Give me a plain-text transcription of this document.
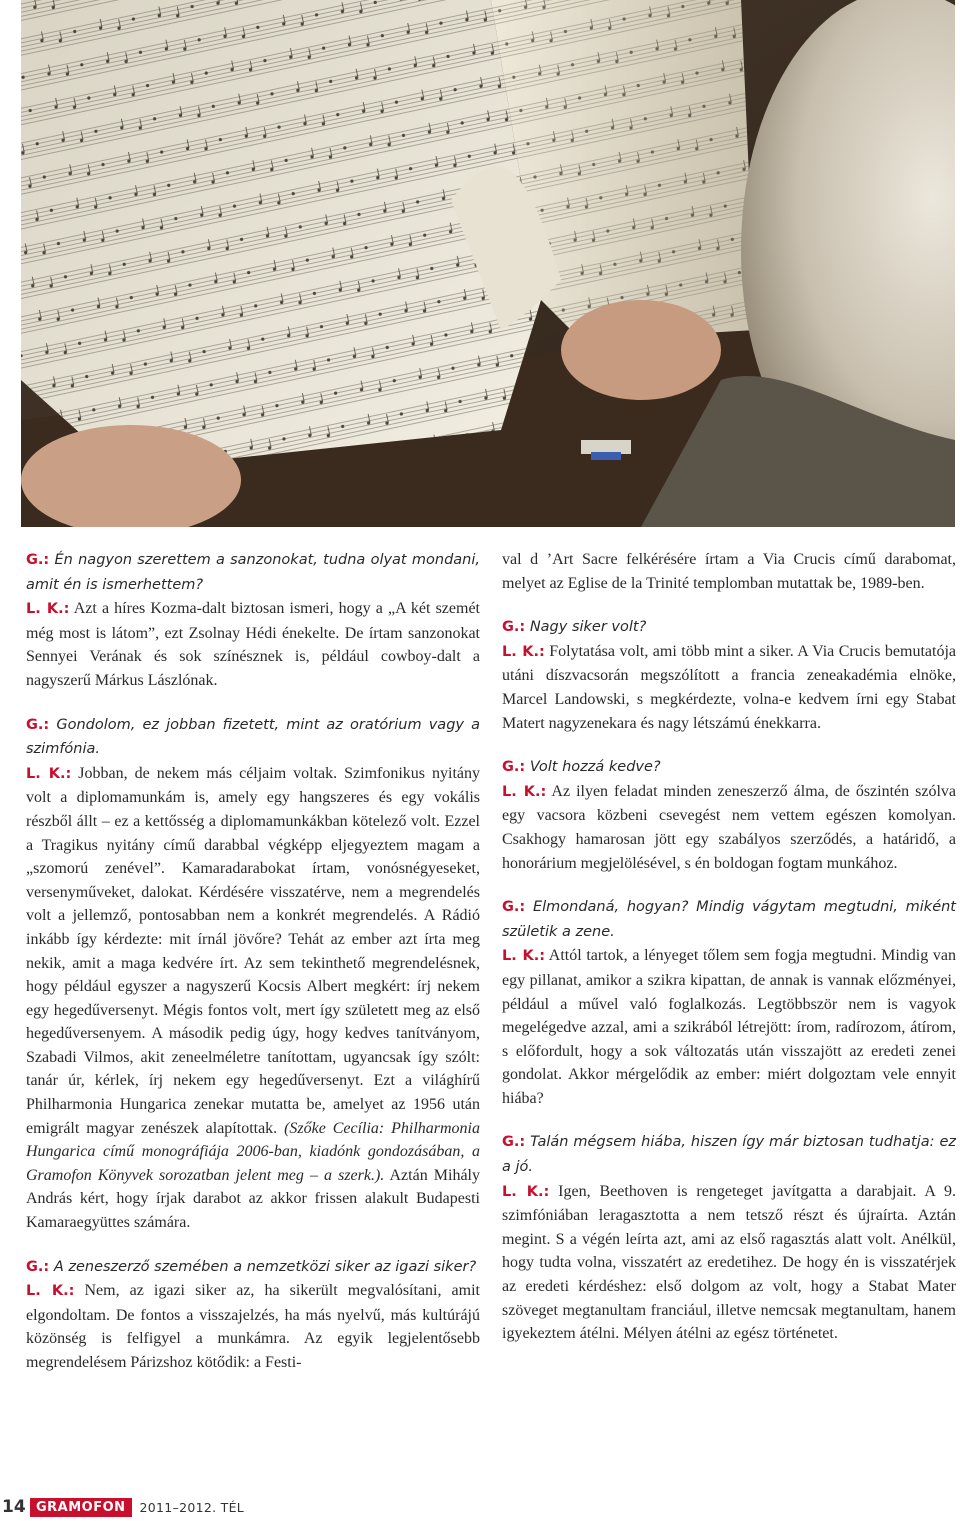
G.: Én nagyon szerettem a sanzonokat, tudna olyat mondani, amit én is ismerhettem?

L. K.: Azt a híres Kozma-dalt biztosan ismeri, hogy a „A két szemét még most is látom”, ezt Zsolnay Hédi énekelte. De írtam sanzonokat Sennyei Verának és sok színésznek is, például cowboy-dalt a nagyszerű Márkus Lászlónak.

G.: Gondolom, ez jobban fizetett, mint az oratórium vagy a szimfónia.

L. K.: Jobban, de nekem más céljaim voltak. Szimfonikus nyitány volt a diplomamunkám is, amely egy hangszeres és egy vokális részből állt – ez a kettősség a diplomamunkákban kötelező volt. Ezzel a Tragikus nyitány című darabbal végképp eljegyeztem magam a „szomorú zenével”. Kamaradarabokat írtam, vonósnégyeseket, versenyműveket, dalokat. Kérdésére visszatérve, nem a megrendelés volt a jellemző, pontosabban nem a konkrét megrendelés. A Rádió inkább így kérdezte: mit írnál jövőre? Tehát az ember azt írta meg nekik, amit a maga kedvére írt. Az sem tekinthető megrendelésnek, hogy például egyszer a nagyszerű Kocsis Albert megkért: írj nekem egy hegedűversenyt. Mégis fontos volt, mert így született meg az első hegedűversenyem. A második pedig úgy, hogy kedves tanítványom, Szabadi Vilmos, akit zeneelméletre tanítottam, ugyancsak így szólt: tanár úr, kérlek, írj nekem egy hegedűversenyt. Ezt a világhírű Philharmonia Hungarica zenekar mutatta be, amelyet az 1956 után emigrált magyar zenészek alapítottak. (Szőke Cecília: Philharmonia Hungarica című monográfiája 2006-ban, kiadónk gondozásában, a Gramofon Könyvek sorozatban jelent meg – a szerk.). Aztán Mihály András kért, hogy írjak darabot az akkor frissen alakult Budapesti Kamaraegyüttes számára.

G.: A zeneszerző szemében a nemzetközi siker az igazi siker?

L. K.: Nem, az igazi siker az, ha sikerült megvalósítani, amit elgondoltam. De fontos a visszajelzés, ha más nyelvű, más kultúrájú közönség is felfigyel a munkámra. Az egyik legjelentősebb megrendelésem Párizshoz kötődik: a Festi-

val d ’Art Sacre felkérésére írtam a Via Crucis című darabomat, melyet az Eglise de la Trinité templomban mutattak be, 1989-ben.

G.: Nagy siker volt?

L. K.: Folytatása volt, ami több mint a siker. A Via Crucis bemutatója utáni díszvacsorán megszólított a francia zeneakadémia elnöke, Marcel Landowski, s megkérdezte, volna-e kedvem írni egy Stabat Matert nagyzenekara és nagy létszámú énekkarra.

G.: Volt hozzá kedve?

L. K.: Az ilyen feladat minden zeneszerző álma, de őszintén szólva egy vacsora közbeni csevegést nem vettem egészen komolyan. Csakhogy hamarosan jött egy szabályos szerződés, a határidő, a honorárium megjelölésével, s én boldogan fogtam munkához.

G.: Elmondaná, hogyan? Mindig vágytam megtudni, miként születik a zene.

L. K.: Attól tartok, a lényeget tőlem sem fogja megtudni. Mindig van egy pillanat, amikor a szikra kipattan, de annak is vannak előzményei, például a művel való foglalkozás. Legtöbbször nem is vagyok megelégedve azzal, ami a szikrából létrejött: írom, radírozom, átírom, s előfordult, hogy a sok változatás után visszajött az eredeti zenei gondolat. Akkor mérgelődik az ember: miért dolgoztam vele ennyit hiába?

G.: Talán mégsem hiába, hiszen így már biztosan tudhatja: ez a jó.

L. K.: Igen, Beethoven is rengeteget javítgatta a darabjait. A 9. szimfóniában leragasztotta a nem tetsző részt és újraírta. Aztán megint. S a végén leírta azt, ami az első ragasztás alatt volt. Anélkül, hogy tudta volna, visszatért az eredetihez. De hogy én is visszatérjek az eredeti kérdéshez: első dolgom az volt, hogy a Stabat Mater szöveget megtanultam franciául, illetve nemcsak megtanultam, hanem igyekeztem átélni. Mélyen átélni az egész történetet.

14 GRAMOFON	2011–2012. TÉL
